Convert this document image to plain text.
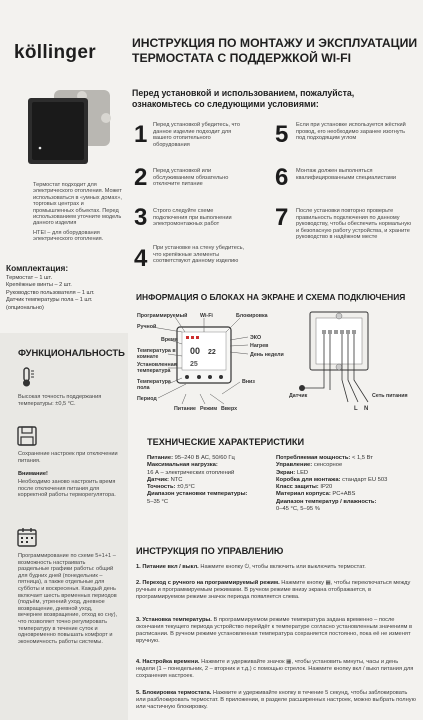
köllinger	ИНСТРУКЦИЯ ПО МОНТАЖУ И ЭКСПЛУАТАЦИИ
ТЕРМОСТАТА С ПОДДЕРЖКОЙ WI-FI

Термостат подходит для электрического отопления. Может использоваться в «умных домах», торговых центрах и промышленных объектах. Перед использованием уточните модель данного изделия

HTEI – для оборудования электрического отопления.

Комплектация:
Термостат – 1 шт.
Крепёжные винты – 2 шт.
Руководство пользователя – 1 шт.
Датчик температуры пола – 1 шт. (опционально)
ФУНКЦИОНАЛЬНОСТЬ
Высокая точность поддержания температуры: ±0,5 °С.
Сохранение настроек при отключении питания.
Внимание!
Необходимо заново настроить время после отключения питания для корректной работы терморегулятора.
Программирование по схеме 5+1+1 – возможность настраивать раздельные графики работы: общий для будних дней (понедельник – пятница), а также отдельные для субботы и воскресенья. Каждый день включает шесть временных периодов (подъём, утренний уход, дневное возвращение, дневной уход, вечернее возвращение, отход ко сну), что позволяет точно регулировать температуру в течение суток и одновременно повышать комфорт и экономичность работы системы.
Перед установкой и использованием, пожалуйста,
ознакомьтесь со следующими условиями:
1 Перед установкой убедитесь, что данное изделие подходит для вашего отопительного оборудования
2 Перед установкой или обслуживанием обязательно отключите питание
3 Строго следуйте схеме подключения при выполнении электромонтажных работ
4 При установке на стену убедитесь, что крепёжные элементы соответствуют данному изделию
5 Если при установке используется жёсткий провод, его необходимо заранее изогнуть под подходящим углом
6 Монтаж должен выполняться квалифицированными специалистами
7 После установки повторно проверьте правильность подключения по данному руководству, чтобы обеспечить нормальную и безопасную работу устройства, и храните руководство в надёжном месте
ИНФОРМАЦИЯ О БЛОКАХ НА ЭКРАНЕ И СХЕМА ПОДКЛЮЧЕНИЯ
00 22
25
Программируемый
Ручной
Время
Температура в комнате
Установленная температура
Температура пола
Период
Wi-Fi	Блокировка
ЭКО
Нагрев
День недели
Питание Режим Вверх
Вниз
Датчик	Сеть питания
L N
ТЕХНИЧЕСКИЕ ХАРАКТЕРИСТИКИ
Питание: 95–240 В АС, 50/60 Гц
Максимальная нагрузка:
16 А – электрических отоплений
Датчик: NTC
Точность: ±0,5°С
Диапазон установки температуры:
5–35 °С
Потребляемая мощность: < 1,5 Вт
Управление: сенсорное
Экран: LED
Коробка для монтажа: стандарт EU 503
Класс защиты: IP20
Материал корпуса: PC+ABS
Диапазон температур / влажность:
0–45 °С, 5–95 %
ИНСТРУКЦИЯ ПО УПРАВЛЕНИЮ
1. Питание вкл / выкл. Нажмите кнопку ⏻, чтобы включить или выключить термостат.
2. Переход с ручного на программируемый режим. Нажмите кнопку ▦, чтобы переключаться между ручным и программируемым режимами. В ручном режиме внизу экрана отображается, в программируемом режиме значок периода появляется слева.
3. Установка температуры. В программируемом режиме температура задана временно – после окончания текущего периода устройство перейдёт к температуре согласно установленным значениям в расписании. В ручном режиме установленная температура сохраняется постоянно, пока её не изменят вручную.
4. Настройка времени. Нажмите и удерживайте значок ▦, чтобы установить минуты, часы и день недели (1 – понедельник, 2 – вторник и т.д.) с помощью стрелок. Нажмите кнопку вкл / выкл питания для сохранения настроек.
5. Блокировка термостата. Нажмите и удерживайте кнопку в течение 5 секунд, чтобы заблокировать или разблокировать термостат. В приложении, в разделе расширенных настроек, можно выбрать полную или частичную блокировку.
